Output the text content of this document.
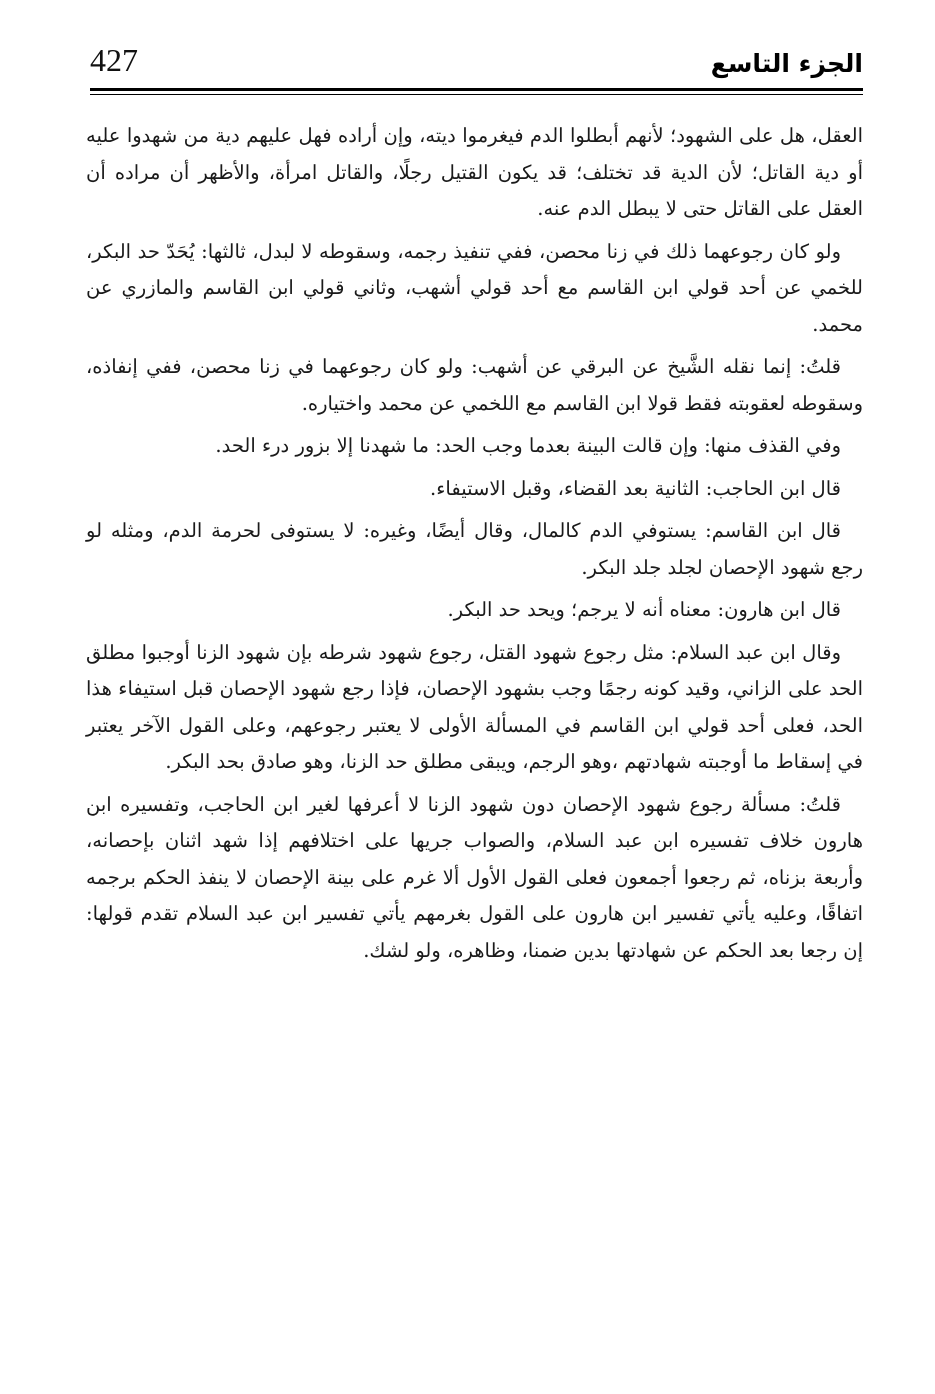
427	الجزء التاسع

العقل، هل على الشهود؛ لأنهم أبطلوا الدم فيغرموا ديته، وإن أراده فهل عليهم دية من شهدوا عليه أو دية القاتل؛ لأن الدية قد تختلف؛ قد يكون القتيل رجلًا، والقاتل امرأة، والأظهر أن مراده أن العقل على القاتل حتى لا يبطل الدم عنه.

ولو كان رجوعهما ذلك في زنا محصن، ففي تنفيذ رجمه، وسقوطه لا لبدل، ثالثها: يُحَدّ حد البكر، للخمي عن أحد قولي ابن القاسم مع أحد قولي أشهب، وثاني قولي ابن القاسم والمازري عن محمد.

قلتُ: إنما نقله الشَّيخ عن البرقي عن أشهب: ولو كان رجوعهما في زنا محصن، ففي إنفاذه، وسقوطه لعقوبته فقط قولا ابن القاسم مع اللخمي عن محمد واختياره.

وفي القذف منها: وإن قالت البينة بعدما وجب الحد: ما شهدنا إلا بزور درء الحد.

قال ابن الحاجب: الثانية بعد القضاء، وقبل الاستيفاء.

قال ابن القاسم: يستوفي الدم كالمال، وقال أيضًا، وغيره: لا يستوفى لحرمة الدم، ومثله لو رجع شهود الإحصان لجلد جلد البكر.

قال ابن هارون: معناه أنه لا يرجم؛ ويحد حد البكر.

وقال ابن عبد السلام: مثل رجوع شهود القتل، رجوع شهود شرطه بإن شهود الزنا أوجبوا مطلق الحد على الزاني، وقيد كونه رجمًا وجب بشهود الإحصان، فإذا رجع شهود الإحصان قبل استيفاء هذا الحد، فعلى أحد قولي ابن القاسم في المسألة الأولى لا يعتبر رجوعهم، وعلى القول الآخر يعتبر في إسقاط ما أوجبته شهادتهم ،وهو الرجم، ويبقى مطلق حد الزنا، وهو صادق بحد البكر.

قلتُ: مسألة رجوع شهود الإحصان دون شهود الزنا لا أعرفها لغير ابن الحاجب، وتفسيره ابن هارون خلاف تفسيره ابن عبد السلام، والصواب جريها على اختلافهم إذا شهد اثنان بإحصانه، وأربعة بزناه، ثم رجعوا أجمعون فعلى القول الأول ألا غرم على بينة الإحصان لا ينفذ الحكم برجمه اتفاقًا، وعليه يأتي تفسير ابن هارون على القول بغرمهم يأتي تفسير ابن عبد السلام تقدم قولها: إن رجعا بعد الحكم عن شهادتها بدين ضمنا، وظاهره، ولو لشك.
